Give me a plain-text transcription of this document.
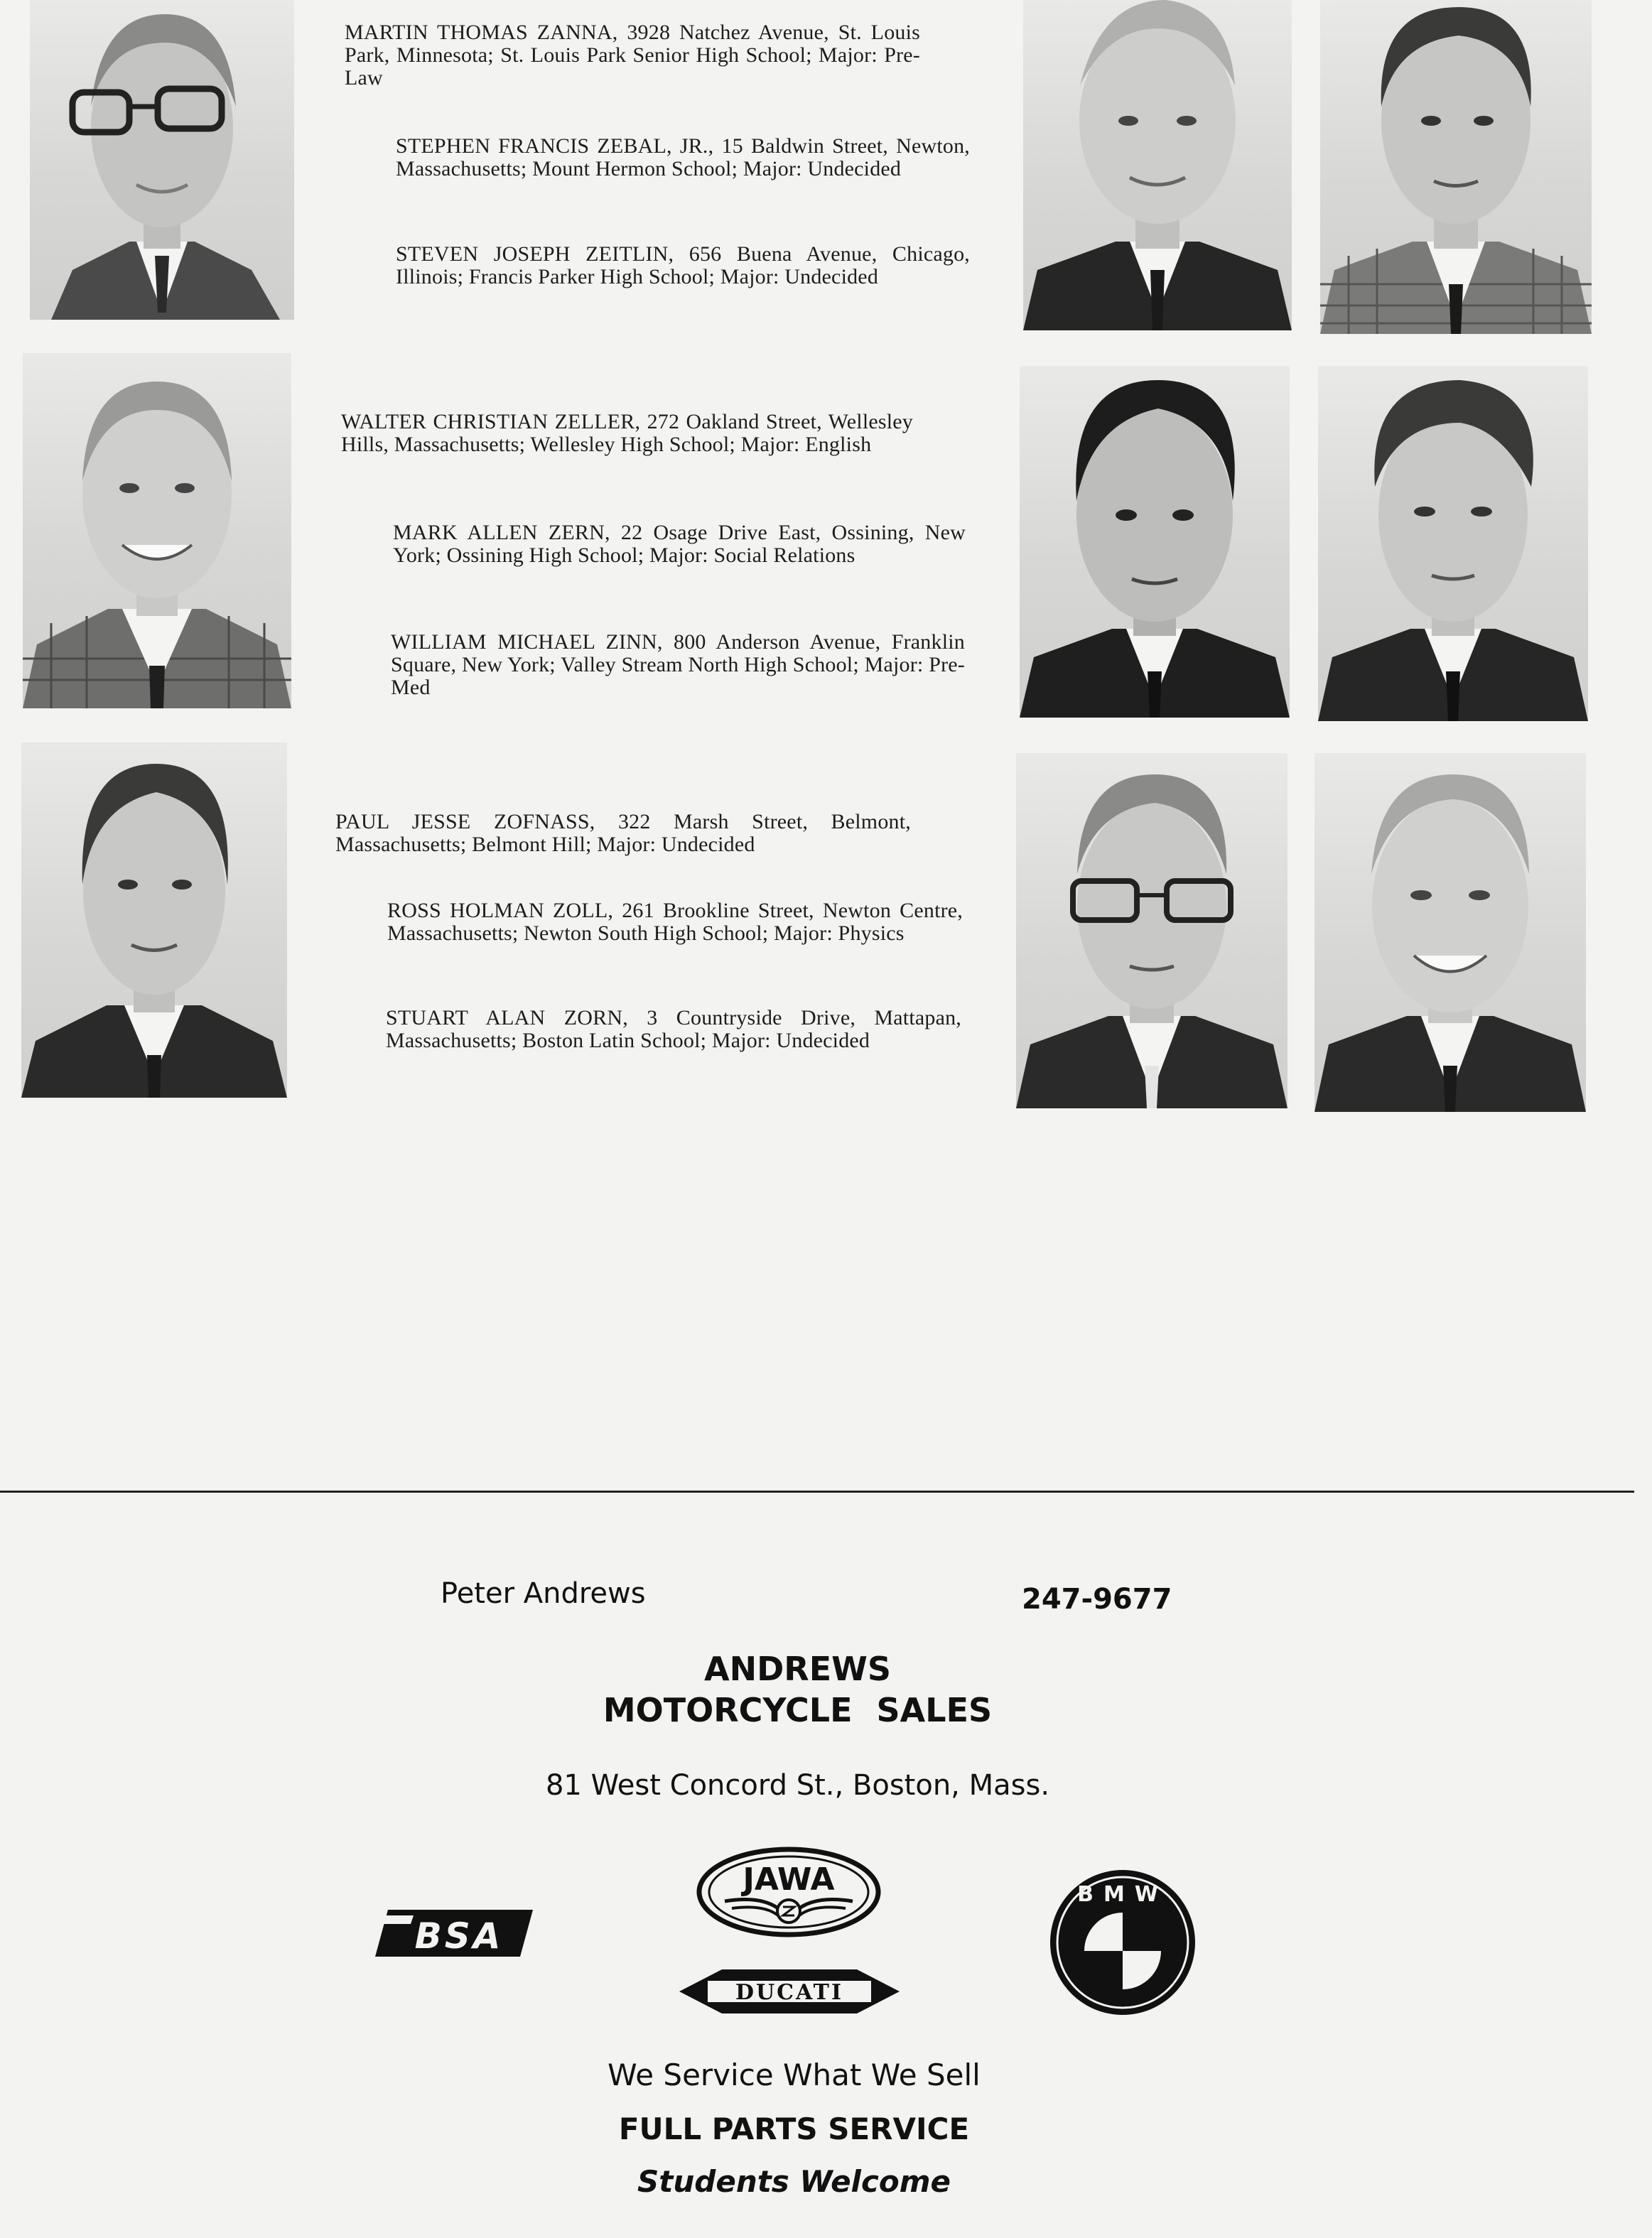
MARTIN THOMAS ZANNA, 3928 Natchez Avenue, St. Louis Park, Minnesota; St. Louis Park Senior High School; Major: Pre-Law
STEPHEN FRANCIS ZEBAL, JR., 15 Baldwin Street, Newton, Massachusetts; Mount Hermon School; Major: Undecided
STEVEN JOSEPH ZEITLIN, 656 Buena Avenue, Chicago, Illinois; Francis Parker High School; Major: Undecided
WALTER CHRISTIAN ZELLER, 272 Oakland Street, Wellesley Hills, Massachusetts; Wellesley High School; Major: English
MARK ALLEN ZERN, 22 Osage Drive East, Ossining, New York; Ossining High School; Major: Social Relations
WILLIAM MICHAEL ZINN, 800 Anderson Avenue, Franklin Square, New York; Valley Stream North High School; Major: Pre-Med
PAUL JESSE ZOFNASS, 322 Marsh Street, Belmont, Massachusetts; Belmont Hill; Major: Undecided
ROSS HOLMAN ZOLL, 261 Brookline Street, Newton Centre, Massachusetts; Newton South High School; Major: Physics
STUART ALAN ZORN, 3 Countryside Drive, Mattapan, Massachusetts; Boston Latin School; Major: Undecided
Peter Andrews	247-9677
ANDREWS
MOTORCYCLE SALES
81 West Concord St., Boston, Mass.
BSA
JAWA
DUCATI
BMW
We Service What We Sell
FULL PARTS SERVICE
Students Welcome
